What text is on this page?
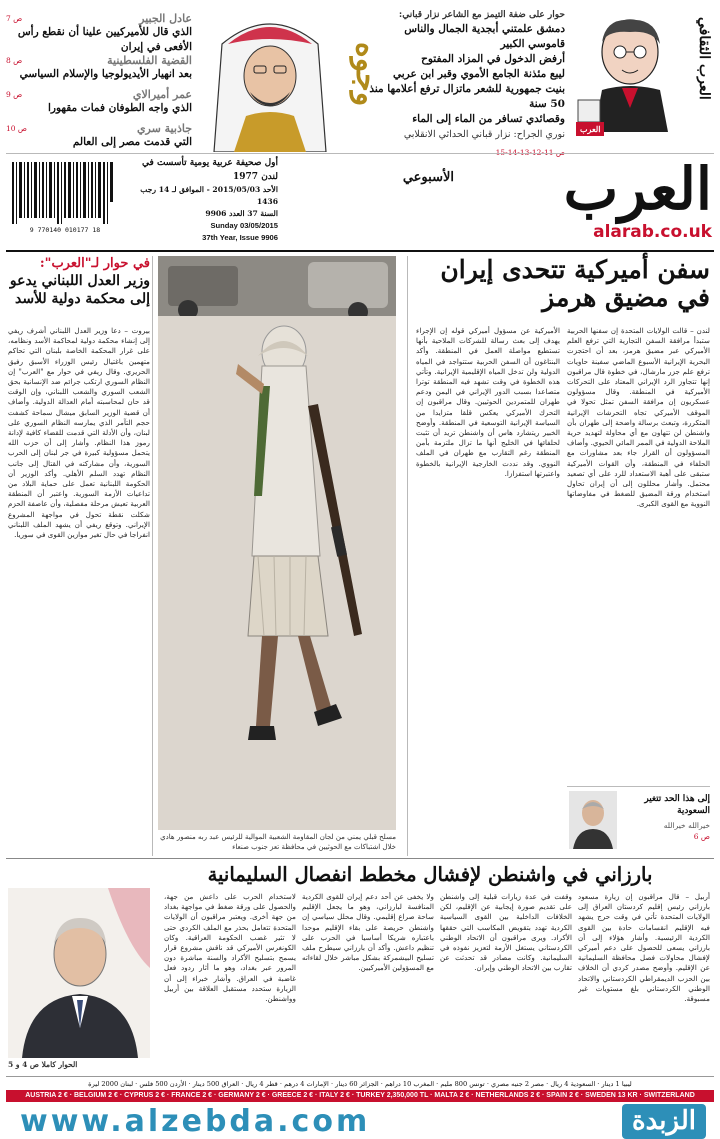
العرب الثقافي
العرب
حوار على ضفة التيمز مع الشاعر نزار قباني:
دمشق علمتني أبجدية الجمال والناس قاموسي الكبير
أرفض الدخول في المزاد المفتوح
ليبع مئذنة الجامع الأموي وقبر ابن عربي
بنيت جمهورية للشعر ماتزال ترفع أعلامها منذ 50 سنة
وقصائدي تسافر من الماء إلى الماء
نوري الجراح: نزار قباني الحداثي الانقلابي
وجوه
ص 7	عادل الجبير
الذي قال للأميركيين علينا أن نقطع رأس الأفعى في إيران
ص 8	القضية الفلسطينية
بعد انهيار الأيديولوجيا والإسلام السياسي
ص 9	عمر أميرالاي
الذي واجه الطوفان فمات مقهورا
ص 10	جاذبية سري
التي قدمت مصر إلى العالم
العرب
الأسبوعي
alarab.co.uk
9 770140 010177 18
أول صحيفة عربية يومية تأسست في لندن 1977
الأحد 2015/05/03 - الموافق لـ 14 رجب 1436
السنة 37 العدد 9906
Sunday 03/05/2015
37th Year, Issue 9906
سفن أميركية تتحدى إيران
في مضيق هرمز
لندن – قالت الولايات المتحدة إن سفنها الحربية ستبدأ مرافقة السفن التجارية التي ترفع العلم الأميركي عبر مضيق هرمز، بعد أن احتجزت البحرية الإيرانية الأسبوع الماضي سفينة حاويات ترفع علم جزر مارشال، في خطوة قال مراقبون إنها تتجاوز الرد الإيراني المعتاد على التحركات الأميركية في المنطقة. وقال مسؤولون عسكريون إن مرافقة السفن تمثل تحولا في الموقف الأميركي تجاه التحرشات الإيرانية المتكررة، وتبعث برسالة واضحة إلى طهران بأن واشنطن لن تتهاون مع أي محاولة لتهديد حرية الملاحة الدولية في الممر المائي الحيوي. وأضاف المسؤولون أن القرار جاء بعد مشاورات مع الحلفاء في المنطقة، وأن القوات الأميركية ستبقى على أهبة الاستعداد للرد على أي تصعيد محتمل. وأشار محللون إلى أن إيران تحاول استخدام ورقة المضيق للضغط في مفاوضاتها النووية مع القوى الكبرى.
الأميركية عن مسؤول أميركي قوله إن الإجراء يهدف إلى بعث رسالة للشركات الملاحية بأنها تستطيع مواصلة العمل في المنطقة. وأكد البنتاغون أن السفن الحربية ستتواجد في المياه الدولية ولن تدخل المياه الإقليمية الإيرانية. وتأتي هذه الخطوة في وقت تشهد فيه المنطقة توترا متصاعدا بسبب الدور الإيراني في اليمن ودعم طهران للمتمردين الحوثيين. وقال مراقبون إن التحرك الأميركي يعكس قلقا متزايدا من السياسة الإيرانية التوسعية في المنطقة. وأوضح الخبير ريتشارد هاس أن واشنطن تريد أن تثبت لحلفائها في الخليج أنها ما تزال ملتزمة بأمن المنطقة رغم التقارب مع طهران في الملف النووي. وقد نددت الخارجية الإيرانية بالخطوة واعتبرتها استفزازا.
إلى هذا الحد تتغير السعودية
خيرالله خيرالله
ص 6
مسلح قبلي يمني من لجان المقاومة الشعبية الموالية للرئيس عبد ربه منصور هادي خلال اشتباكات مع الحوثيين في محافظة تعز جنوب صنعاء
في حوار لـ"العرب":
وزير العدل اللبناني يدعو
إلى محكمة دولية للأسد
بيروت – دعا وزير العدل اللبناني أشرف ريفي إلى إنشاء محكمة دولية لمحاكمة الأسد ونظامه، على غرار المحكمة الخاصة بلبنان التي تحاكم متهمين باغتيال رئيس الوزراء الأسبق رفيق الحريري. وقال ريفي في حوار مع "العرب" إن النظام السوري ارتكب جرائم ضد الإنسانية بحق الشعب السوري والشعب اللبناني، وإن الوقت قد حان لمحاسبته أمام العدالة الدولية. وأضاف أن قضية الوزير السابق ميشال سماحة كشفت حجم التآمر الذي يمارسه النظام السوري على لبنان، وأن الأدلة التي قدمت للقضاء كافية لإدانة رموز هذا النظام. وأشار إلى أن حزب الله يتحمل مسؤولية كبيرة في جر لبنان إلى الحرب السورية، وأن مشاركته في القتال إلى جانب النظام تهدد السلم الأهلي. وأكد الوزير أن الحكومة اللبنانية تعمل على حماية البلاد من تداعيات الأزمة السورية. واعتبر أن المنطقة العربية تعيش مرحلة مفصلية، وأن عاصفة الحزم شكلت نقطة تحول في مواجهة المشروع الإيراني. وتوقع ريفي أن يشهد الملف اللبناني انفراجا في حال تغير موازين القوى في سوريا.
بارزاني في واشنطن لإفشال مخطط انفصال السليمانية
أربيل – قال مراقبون إن زيارة مسعود بارزاني رئيس إقليم كردستان العراق إلى الولايات المتحدة تأتي في وقت حرج يشهد فيه الإقليم انقسامات حادة بين القوى الكردية الرئيسية. وأشار هؤلاء إلى أن بارزاني يسعى للحصول على دعم أميركي لإفشال محاولات فصل محافظة السليمانية عن الإقليم. وأوضح مصدر كردي أن الخلاف بين الحزب الديمقراطي الكردستاني والاتحاد الوطني الكردستاني بلغ مستويات غير مسبوقة.
وقفت في عدة زيارات قبلية إلى واشنطن على تقديم صورة إيجابية عن الإقليم، لكن الخلافات الداخلية بين القوى السياسية الكردية تهدد بتقويض المكاسب التي حققها الأكراد. ويرى مراقبون أن الاتحاد الوطني الكردستاني يستغل الأزمة لتعزيز نفوذه في السليمانية. وكانت مصادر قد تحدثت عن تقارب بين الاتحاد الوطني وإيران.
ولا يخفى عن أحد دعم إيران للقوى الكردية المنافسة لبارزاني، وهو ما يجعل الإقليم ساحة صراع إقليمي. وقال محلل سياسي إن واشنطن حريصة على بقاء الإقليم موحدا باعتباره شريكا أساسيا في الحرب على تنظيم داعش. وأكد أن بارزاني سيطرح ملف تسليح البيشمركة بشكل مباشر خلال لقاءاته مع المسؤولين الأميركيين.
لاستخدام الحرب على داعش من جهة، والحصول على ورقة ضغط في مواجهة بغداد من جهة أخرى. ويعتبر مراقبون أن الولايات المتحدة تتعامل بحذر مع الملف الكردي حتى لا تثير غضب الحكومة العراقية. وكان الكونغرس الأميركي قد ناقش مشروع قرار يسمح بتسليح الأكراد والسنة مباشرة دون المرور عبر بغداد، وهو ما أثار ردود فعل غاضبة في العراق. وأشار خبراء إلى أن الزيارة ستحدد مستقبل العلاقة بين أربيل وواشنطن.
الحوار كاملا ص 4 و 5
ليبيا 1 دينار · السعودية 4 ريال · مصر 2 جنيه مصري · تونس 800 مليم · المغرب 10 دراهم · الجزائر 60 دينار · الإمارات 4 درهم · قطر 4 ريال · العراق 500 دينار · الأردن 500 فلس · لبنان 2000 ليرة
AUSTRIA 2 € · BELGIUM 2 € · CYPRUS 2 € · FRANCE 2 € · GERMANY 2 € · GREECE 2 € · ITALY 2 € · TURKEY 2,350,000 TL · MALTA 2 € · NETHERLANDS 2 € · SPAIN 2 € · SWEDEN 13 KR · SWITZERLAND
www.alzebda.com	الزبدة
